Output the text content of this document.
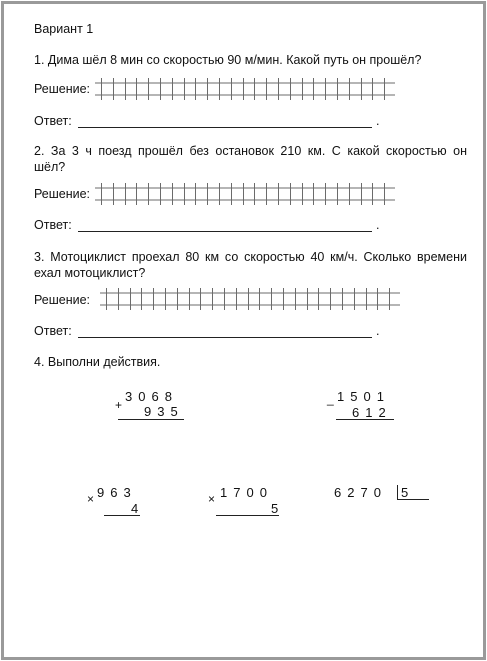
Вариант 1
1. Дима шёл 8 мин со скоростью 90 м/мин. Какой путь он прошёл?
Решение:
Ответ:	.
2. За 3 ч поезд прошёл без остановок 210 км. С какой скоростью он
шёл?
Решение:
Ответ:	.
3. Мотоциклист проехал 80 км со скоростью 40 км/ч. Сколько времени
ехал мотоциклист?
Решение:
Ответ:	.
4. Выполни действия.
+
3068
935
_ 1501
612
× 963
4
× 1700
5
6270 5
